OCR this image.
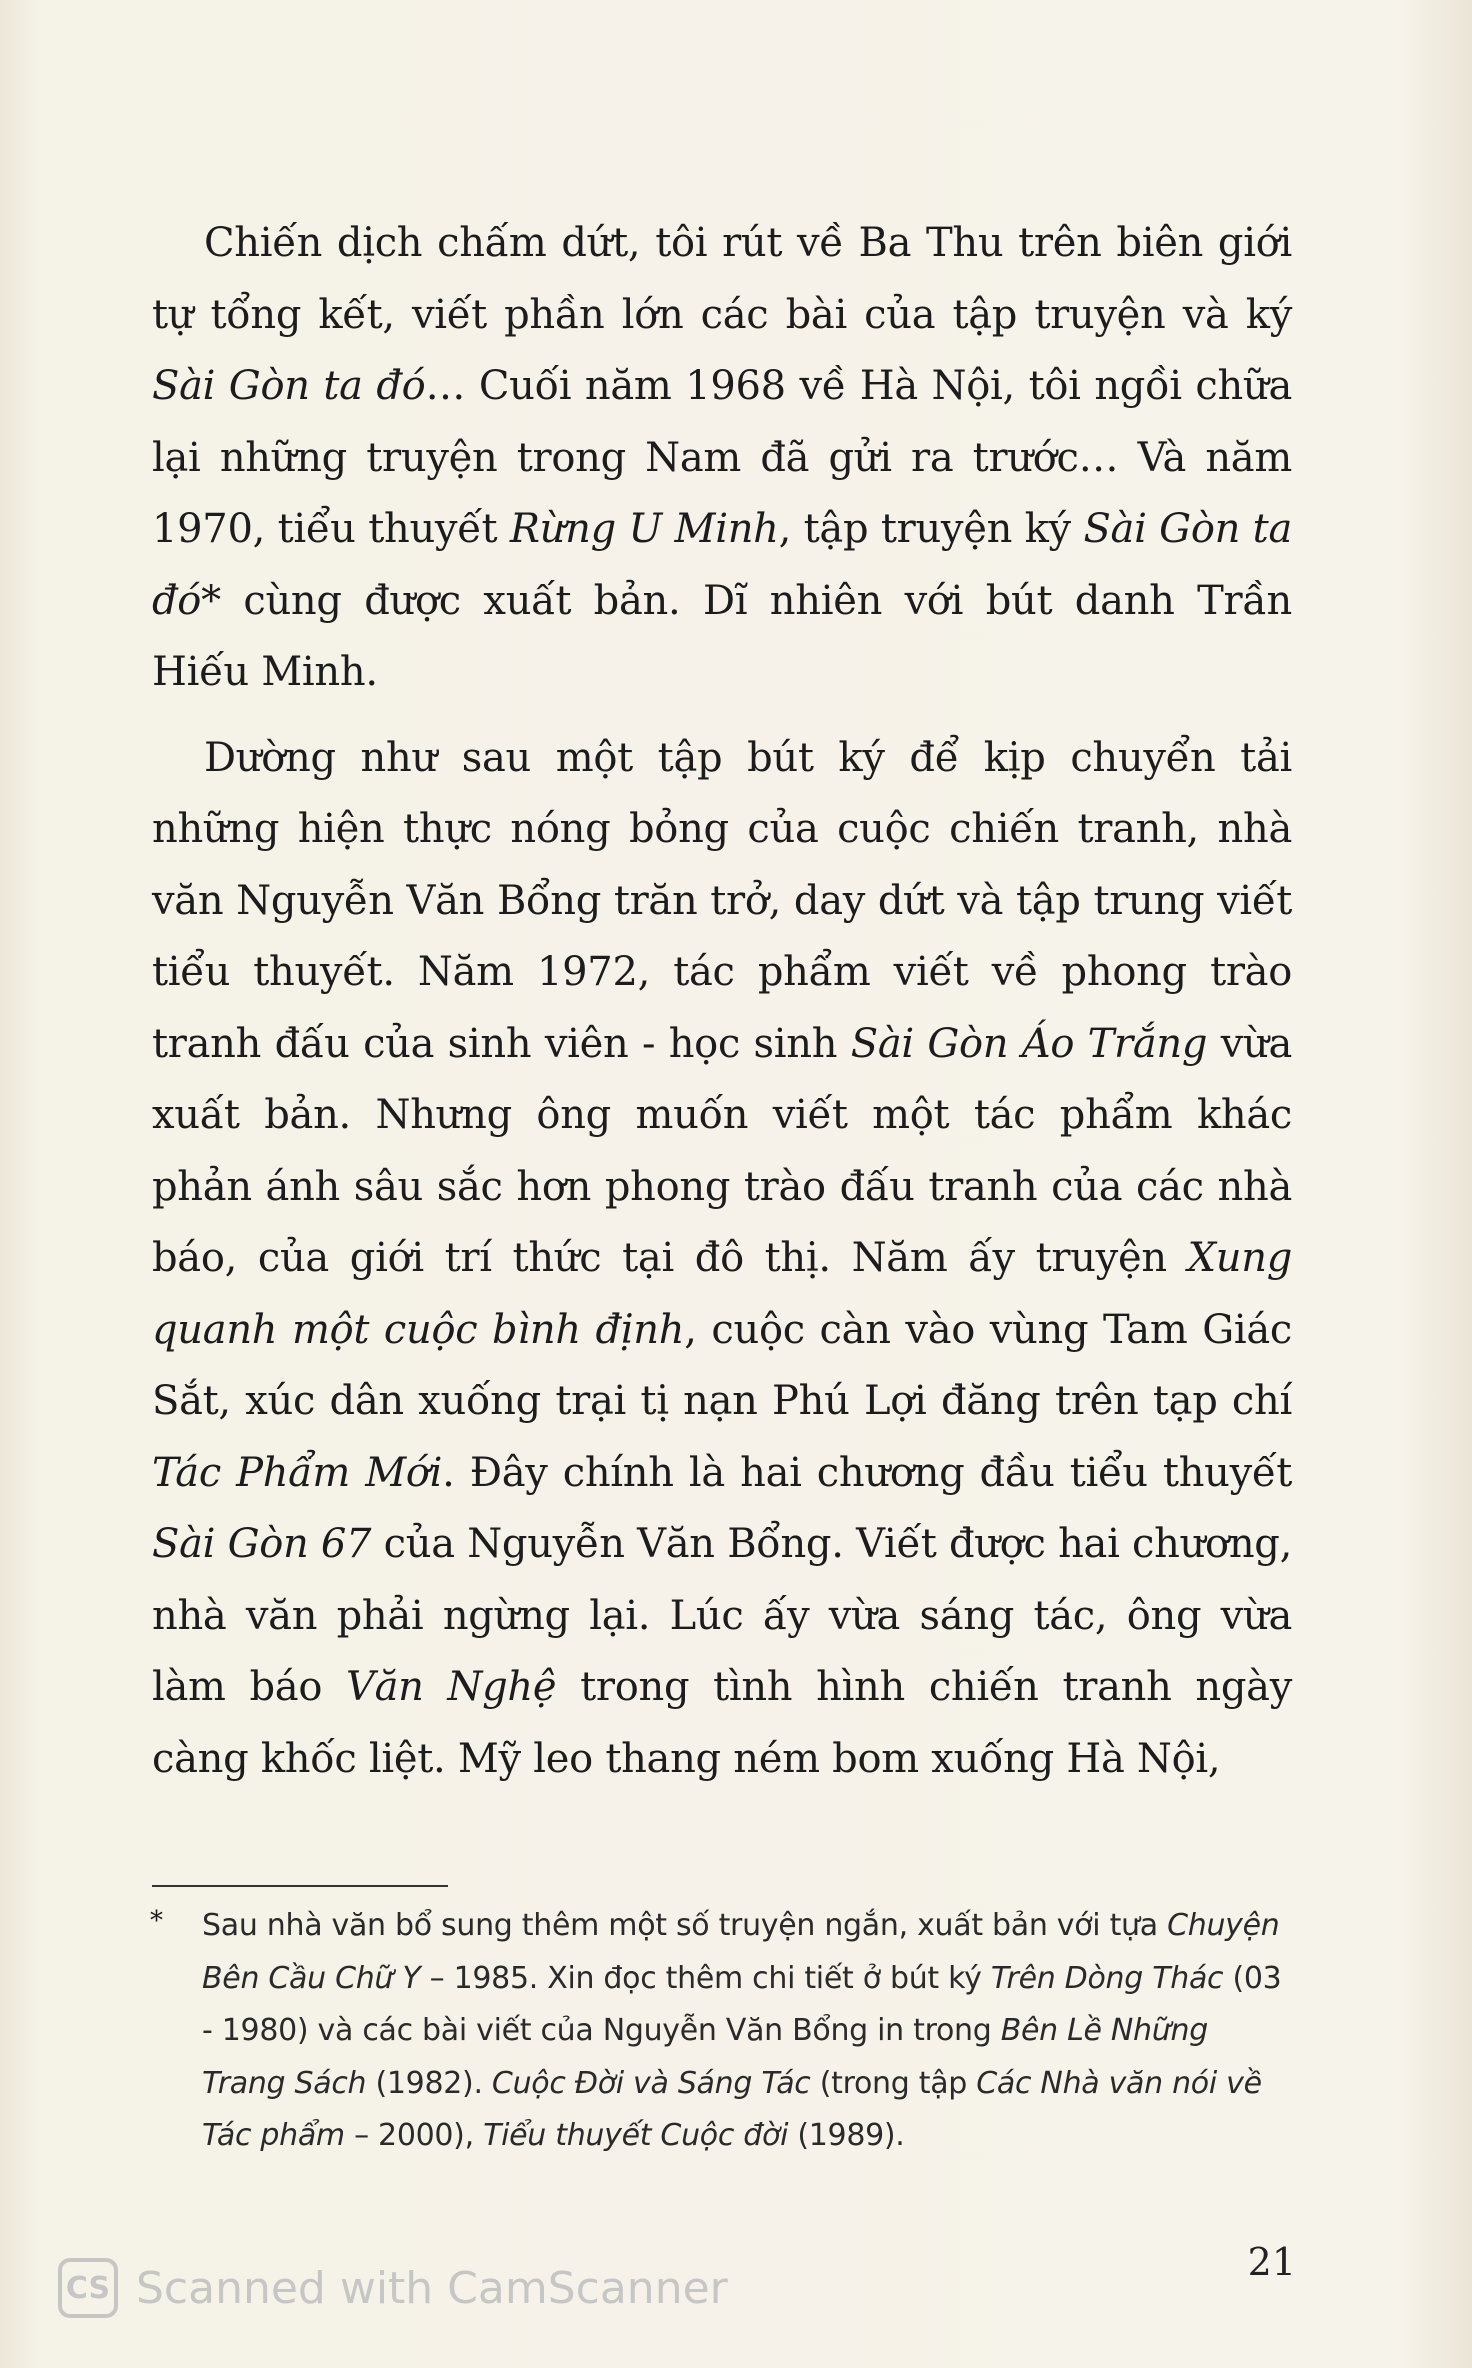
Chiến dịch chấm dứt, tôi rút về Ba Thu trên biên giới tự tổng kết, viết phần lớn các bài của tập truyện và ký Sài Gòn ta đó… Cuối năm 1968 về Hà Nội, tôi ngồi chữa lại những truyện trong Nam đã gửi ra trước… Và năm 1970, tiểu thuyết Rừng U Minh, tập truyện ký Sài Gòn ta đó* cùng được xuất bản. Dĩ nhiên với bút danh Trần Hiếu Minh.

Dường như sau một tập bút ký để kịp chuyển tải những hiện thực nóng bỏng của cuộc chiến tranh, nhà văn Nguyễn Văn Bổng trăn trở, day dứt và tập trung viết tiểu thuyết. Năm 1972, tác phẩm viết về phong trào tranh đấu của sinh viên - học sinh Sài Gòn Áo Trắng vừa xuất bản. Nhưng ông muốn viết một tác phẩm khác phản ánh sâu sắc hơn phong trào đấu tranh của các nhà báo, của giới trí thức tại đô thị. Năm ấy truyện Xung quanh một cuộc bình định, cuộc càn vào vùng Tam Giác Sắt, xúc dân xuống trại tị nạn Phú Lợi đăng trên tạp chí Tác Phẩm Mới. Đây chính là hai chương đầu tiểu thuyết Sài Gòn 67 của Nguyễn Văn Bổng. Viết được hai chương, nhà văn phải ngừng lại. Lúc ấy vừa sáng tác, ông vừa làm báo Văn Nghệ trong tình hình chiến tranh ngày càng khốc liệt. Mỹ leo thang ném bom xuống Hà Nội,

* Sau nhà văn bổ sung thêm một số truyện ngắn, xuất bản với tựa Chuyện Bên Cầu Chữ Y – 1985. Xin đọc thêm chi tiết ở bút ký Trên Dòng Thác (03 - 1980) và các bài viết của Nguyễn Văn Bổng in trong Bên Lề Những Trang Sách (1982). Cuộc Đời và Sáng Tác (trong tập Các Nhà văn nói về Tác phẩm – 2000), Tiểu thuyết Cuộc đời (1989).
21
CS Scanned with CamScanner
